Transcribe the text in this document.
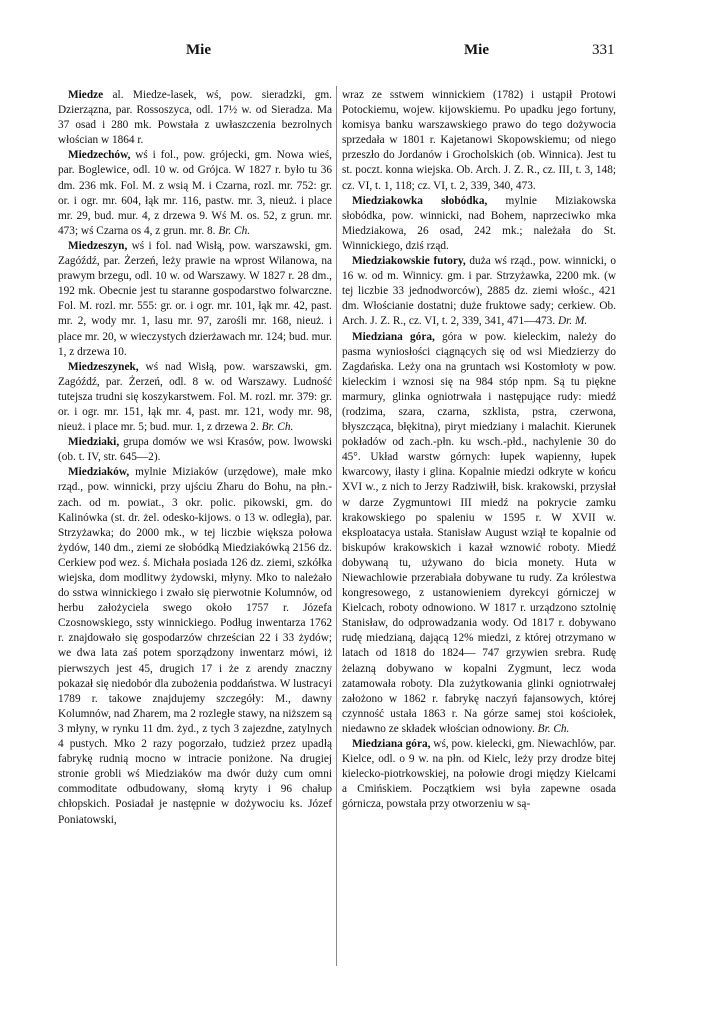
Mie	Mie	331

Miedze al. Miedze-lasek, wś, pow. sieradzki, gm. Dzierzązna, par. Rossoszyca, odl. 17½ w. od Sieradza. Ma 37 osad i 280 mk. Powstała z uwłaszczenia bezrolnych włościan w 1864 r.

Miedzechów, wś i fol., pow. grójecki, gm. Nowa wieś, par. Boglewice, odl. 10 w. od Grójca. W 1827 r. było tu 36 dm. 236 mk. Fol. M. z wsią M. i Czarna, rozl. mr. 752: gr. or. i ogr. mr. 604, łąk mr. 116, pastw. mr. 3, nieuż. i place mr. 29, bud. mur. 4, z drzewa 9. Wś M. os. 52, z grun. mr. 473; wś Czarna os 4, z grun. mr. 8. Br. Ch.

Miedzeszyn, wś i fol. nad Wisłą, pow. warszawski, gm. Zagóźdź, par. Żerzeń, leży prawie na wprost Wilanowa, na prawym brzegu, odl. 10 w. od Warszawy. W 1827 r. 28 dm., 192 mk. Obecnie jest tu staranne gospodarstwo folwarczne. Fol. M. rozl. mr. 555: gr. or. i ogr. mr. 101, łąk mr. 42, past. mr. 2, wody mr. 1, lasu mr. 97, zarośli mr. 168, nieuż. i place mr. 20, w wieczystych dzierżawach mr. 124; bud. mur. 1, z drzewa 10.

Miedzeszynek, wś nad Wisłą, pow. warszawski, gm. Zagóźdź, par. Żerzeń, odl. 8 w. od Warszawy. Ludność tutejsza trudni się koszykarstwem. Fol. M. rozl. mr. 379: gr. or. i ogr. mr. 151, łąk mr. 4, past. mr. 121, wody mr. 98, nieuż. i place mr. 5; bud. mur. 1, z drzewa 2. Br. Ch.

Miedziaki, grupa domów we wsi Krasów, pow. lwowski (ob. t. IV, str. 645—2).

Miedziaków, mylnie Miziaków (urzędowe), małe mko rząd., pow. winnicki, przy ujściu Zharu do Bohu, na płn.-zach. od m. powiat., 3 okr. polic. pikowski, gm. do Kalinówka (st. dr. żel. odesko-kijows. o 13 w. odległa), par. Strzyżawka; do 2000 mk., w tej liczbie większa połowa żydów, 140 dm., ziemi ze słobódką Miedziakówką 2156 dz. Cerkiew pod wez. ś. Michała posiada 126 dz. ziemi, szkółka wiejska, dom modlitwy żydowski, młyny. Mko to należało do sstwa winnickiego i zwało się pierwotnie Kolumnów, od herbu założyciela swego około 1757 r. Józefa Czosnowskiego, ssty winnickiego. Podług inwentarza 1762 r. znajdowało się gospodarzów chrześcian 22 i 33 żydów; we dwa lata zaś potem sporządzony inwentarz mówi, iż pierwszych jest 45, drugich 17 i że z arendy znaczny pokazał się niedobór dla zubożenia poddaństwa. W lustracyi 1789 r. takowe znajdujemy szczegóły: M., dawny Kolumnów, nad Zharem, ma 2 rozległe stawy, na niższem są 3 młyny, w rynku 11 dm. żyd., z tych 3 zajezdne, zatylnych 4 pustych. Mko 2 razy pogorzało, tudzież przez upadłą fabrykę rudnią mocno w intracie poniżone. Na drugiej stronie grobli wś Miedziaków ma dwór duży cum omni commoditate odbudowany, słomą kryty i 96 chałup chłopskich. Posiadał je następnie w dożywociu ks. Józef Poniatowski,

wraz ze sstwem winnickiem (1782) i ustąpił Protowi Potockiemu, wojew. kijowskiemu. Po upadku jego fortuny, komisya banku warszawskiego prawo do tego dożywocia sprzedała w 1801 r. Kajetanowi Skopowskiemu; od niego przeszło do Jordanów i Grocholskich (ob. Winnica). Jest tu st. poczt. konna wiejska. Ob. Arch. J. Z. R., cz. III, t. 3, 148; cz. VI, t. 1, 118; cz. VI, t. 2, 339, 340, 473.

Miedziakowka słobódka, mylnie Miziakowska słobódka, pow. winnicki, nad Bohem, naprzeciwko mka Miedziakowa, 26 osad, 242 mk.; należała do St. Winnickiego, dziś rząd.

Miedziakowskie futory, duża wś rząd., pow. winnicki, o 16 w. od m. Winnicy. gm. i par. Strzyżawka, 2200 mk. (w tej liczbie 33 jednodworców), 2885 dz. ziemi włośc., 421 dm. Włościanie dostatni; duże fruktowe sady; cerkiew. Ob. Arch. J. Z. R., cz. VI, t. 2, 339, 341, 471—473. Dr. M.

Miedziana góra, góra w pow. kieleckim, należy do pasma wyniosłości ciągnących się od wsi Miedzierzy do Zagdańska. Leży ona na gruntach wsi Kostomłoty w pow. kieleckim i wznosi się na 984 stóp npm. Są tu piękne marmury, glinka ogniotrwała i następujące rudy: miedź (rodzima, szara, czarna, szklista, pstra, czerwona, błyszcząca, błękitna), piryt miedziany i malachit. Kierunek pokładów od zach.-płn. ku wsch.-płd., nachylenie 30 do 45°. Układ warstw górnych: łupek wapienny, łupek kwarcowy, iłasty i glina. Kopalnie miedzi odkryte w końcu XVI w., z nich to Jerzy Radziwiłł, bisk. krakowski, przysłał w darze Zygmuntowi III miedź na pokrycie zamku krakowskiego po spaleniu w 1595 r. W XVII w. eksploatacya ustała. Stanisław August wziął te kopalnie od biskupów krakowskich i kazał wznowić roboty. Miedź dobywaną tu, używano do bicia monety. Huta w Niewachlowie przerabiała dobywane tu rudy. Za królestwa kongresowego, z ustanowieniem dyrekcyi górniczej w Kielcach, roboty odnowiono. W 1817 r. urządzono sztolnię Stanisław, do odprowadzania wody. Od 1817 r. dobywano rudę miedzianą, dającą 12% miedzi, z której otrzymano w latach od 1818 do 1824— 747 grzywien srebra. Rudę żelazną dobywano w kopalni Zygmunt, lecz woda zatamowała roboty. Dla zużytkowania glinki ogniotrwałej założono w 1862 r. fabrykę naczyń fajansowych, której czynność ustała 1863 r. Na górze samej stoi kościołek, niedawno ze składek włościan odnowiony. Br. Ch.

Miedziana góra, wś, pow. kielecki, gm. Niewachlów, par. Kielce, odl. o 9 w. na płn. od Kielc, leży przy drodze bitej kielecko-piotrkowskiej, na połowie drogi między Kielcami a Cmińskiem. Początkiem wsi była zapewne osada górnicza, powstała przy otworzeniu w są-
